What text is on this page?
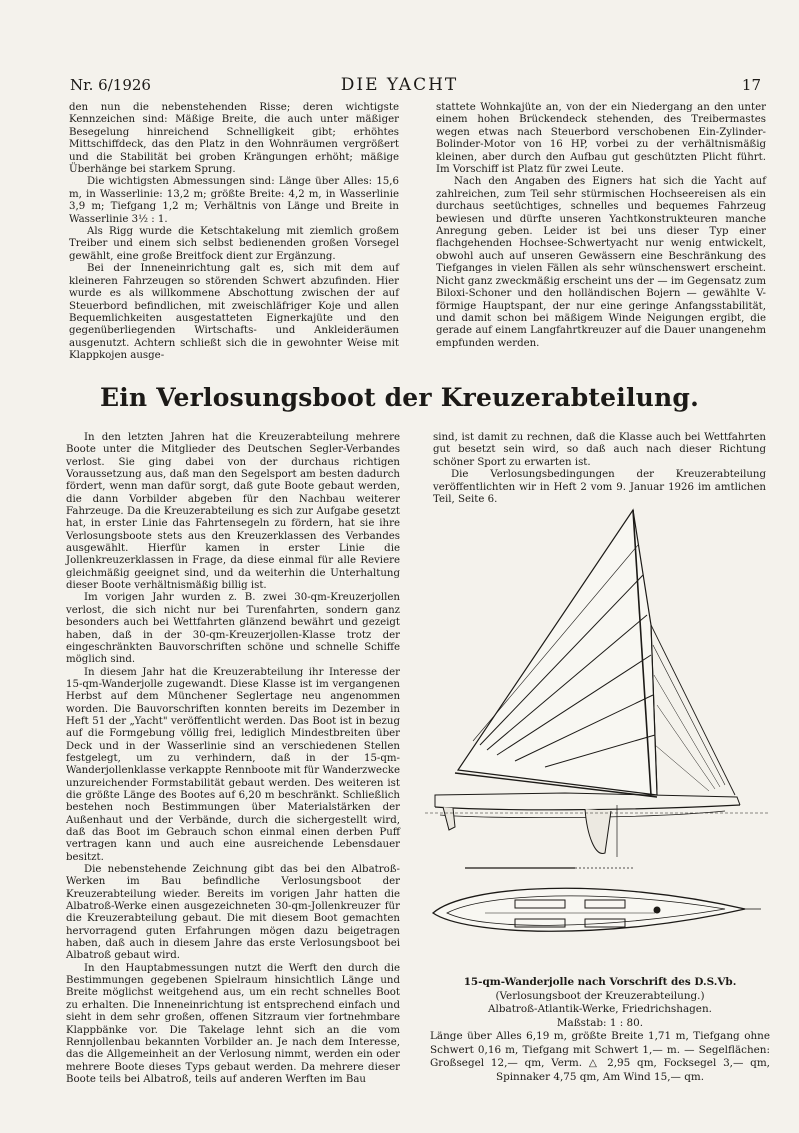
Nr. 6/1926	DIE YACHT	17

den nun die nebenstehenden Risse; deren wichtigste Kennzeichen sind: Mäßige Breite, die auch unter mäßiger Besegelung hinreichend Schnelligkeit gibt; erhöhtes Mittschiffdeck, das den Platz in den Wohnräumen vergrößert und die Stabilität bei groben Krängungen erhöht; mäßige Überhänge bei starkem Sprung.

Die wichtigsten Abmessungen sind: Länge über Alles: 15,6 m, in Wasserlinie: 13,2 m; größte Breite: 4,2 m, in Wasserlinie 3,9 m; Tiefgang 1,2 m; Verhältnis von Länge und Breite in Wasserlinie 3½ : 1.

Als Rigg wurde die Ketschtakelung mit ziemlich großem Treiber und einem sich selbst bedienenden großen Vorsegel gewählt, eine große Breitfock dient zur Ergänzung.

Bei der Inneneinrichtung galt es, sich mit dem auf kleineren Fahrzeugen so störenden Schwert abzufinden. Hier wurde es als willkommene Abschottung zwischen der auf Steuerbord befindlichen, mit zweischläfriger Koje und allen Bequemlichkeiten ausgestatteten Eignerkajüte und den gegenüberliegenden Wirtschafts- und Ankleideräumen ausgenutzt. Achtern schließt sich die in gewohnter Weise mit Klappkojen ausge-

stattete Wohnkajüte an, von der ein Niedergang an den unter einem hohen Brückendeck stehenden, des Treibermastes wegen etwas nach Steuerbord verschobenen Ein-Zylinder-Bolinder-Motor von 16 HP, vorbei zu der verhältnismäßig kleinen, aber durch den Aufbau gut geschützten Plicht führt. Im Vorschiff ist Platz für zwei Leute.

Nach den Angaben des Eigners hat sich die Yacht auf zahlreichen, zum Teil sehr stürmischen Hochseereisen als ein durchaus seetüchtiges, schnelles und bequemes Fahrzeug bewiesen und dürfte unseren Yachtkonstrukteuren manche Anregung geben. Leider ist bei uns dieser Typ einer flachgehenden Hochsee-Schwertyacht nur wenig entwickelt, obwohl auch auf unseren Gewässern eine Beschränkung des Tiefganges in vielen Fällen als sehr wünschenswert erscheint. Nicht ganz zweckmäßig erscheint uns der — im Gegensatz zum Biloxi-Schoner und den holländischen Bojern — gewählte V-förmige Hauptspant, der nur eine geringe Anfangsstabilität, und damit schon bei mäßigem Winde Neigungen ergibt, die gerade auf einem Langfahrtkreuzer auf die Dauer unangenehm empfunden werden.

Ein Verlosungsboot der Kreuzerabteilung.

In den letzten Jahren hat die Kreuzerabteilung mehrere Boote unter die Mitglieder des Deutschen Segler-Verbandes verlost. Sie ging dabei von der durchaus richtigen Voraussetzung aus, daß man den Segelsport am besten dadurch fördert, wenn man dafür sorgt, daß gute Boote gebaut werden, die dann Vorbilder abgeben für den Nachbau weiterer Fahrzeuge. Da die Kreuzerabteilung es sich zur Aufgabe gesetzt hat, in erster Linie das Fahrtensegeln zu fördern, hat sie ihre Verlosungsboote stets aus den Kreuzerklassen des Verbandes ausgewählt. Hierfür kamen in erster Linie die Jollenkreuzerklassen in Frage, da diese einmal für alle Reviere gleichmäßig geeignet sind, und da weiterhin die Unterhaltung dieser Boote verhältnismäßig billig ist.

Im vorigen Jahr wurden z. B. zwei 30-qm-Kreuzerjollen verlost, die sich nicht nur bei Turenfahrten, sondern ganz besonders auch bei Wettfahrten glänzend bewährt und gezeigt haben, daß in der 30-qm-Kreuzerjollen-Klasse trotz der eingeschränkten Bauvorschriften schöne und schnelle Schiffe möglich sind.

In diesem Jahr hat die Kreuzerabteilung ihr Interesse der 15-qm-Wanderjolle zugewandt. Diese Klasse ist im vergangenen Herbst auf dem Münchener Seglertage neu angenommen worden. Die Bauvorschriften konnten bereits im Dezember in Heft 51 der „Yacht" veröffentlicht werden. Das Boot ist in bezug auf die Formgebung völlig frei, lediglich Mindestbreiten über Deck und in der Wasserlinie sind an verschiedenen Stellen festgelegt, um zu verhindern, daß in der 15-qm-Wanderjollenklasse verkappte Rennboote mit für Wanderzwecke unzureichender Formstabilität gebaut werden. Des weiteren ist die größte Länge des Bootes auf 6,20 m beschränkt. Schließlich bestehen noch Bestimmungen über Materialstärken der Außenhaut und der Verbände, durch die sichergestellt wird, daß das Boot im Gebrauch schon einmal einen derben Puff vertragen kann und auch eine ausreichende Lebensdauer besitzt.

Die nebenstehende Zeichnung gibt das bei den Albatroß-Werken im Bau befindliche Verlosungsboot der Kreuzerabteilung wieder. Bereits im vorigen Jahr hatten die Albatroß-Werke einen ausgezeichneten 30-qm-Jollenkreuzer für die Kreuzerabteilung gebaut. Die mit diesem Boot gemachten hervorragend guten Erfahrungen mögen dazu beigetragen haben, daß auch in diesem Jahre das erste Verlosungsboot bei Albatroß gebaut wird.

In den Hauptabmessungen nutzt die Werft den durch die Bestimmungen gegebenen Spielraum hinsichtlich Länge und Breite möglichst weitgehend aus, um ein recht schnelles Boot zu erhalten. Die Inneneinrichtung ist entsprechend einfach und sieht in dem sehr großen, offenen Sitzraum vier fortnehmbare Klappbänke vor. Die Takelage lehnt sich an die vom Rennjollenbau bekannten Vorbilder an. Je nach dem Interesse, das die Allgemeinheit an der Verlosung nimmt, werden ein oder mehrere Boote dieses Typs gebaut werden. Da mehrere dieser Boote teils bei Albatroß, teils auf anderen Werften im Bau

sind, ist damit zu rechnen, daß die Klasse auch bei Wettfahrten gut besetzt sein wird, so daß auch nach dieser Richtung schöner Sport zu erwarten ist.

Die Verlosungsbedingungen der Kreuzerabteilung veröffentlichten wir in Heft 2 vom 9. Januar 1926 im amtlichen Teil, Seite 6.

15-qm-Wanderjolle nach Vorschrift des D.S.Vb.
(Verlosungsboot der Kreuzerabteilung.)
Albatroß-Atlantik-Werke, Friedrichshagen.
Maßstab: 1 : 80.
Länge über Alles 6,19 m, größte Breite 1,71 m, Tiefgang ohne Schwert 0,16 m, Tiefgang mit Schwert 1,— m. — Segelflächen: Großsegel 12,— qm, Verm. △ 2,95 qm, Focksegel 3,— qm, Spinnaker 4,75 qm, Am Wind 15,— qm.
